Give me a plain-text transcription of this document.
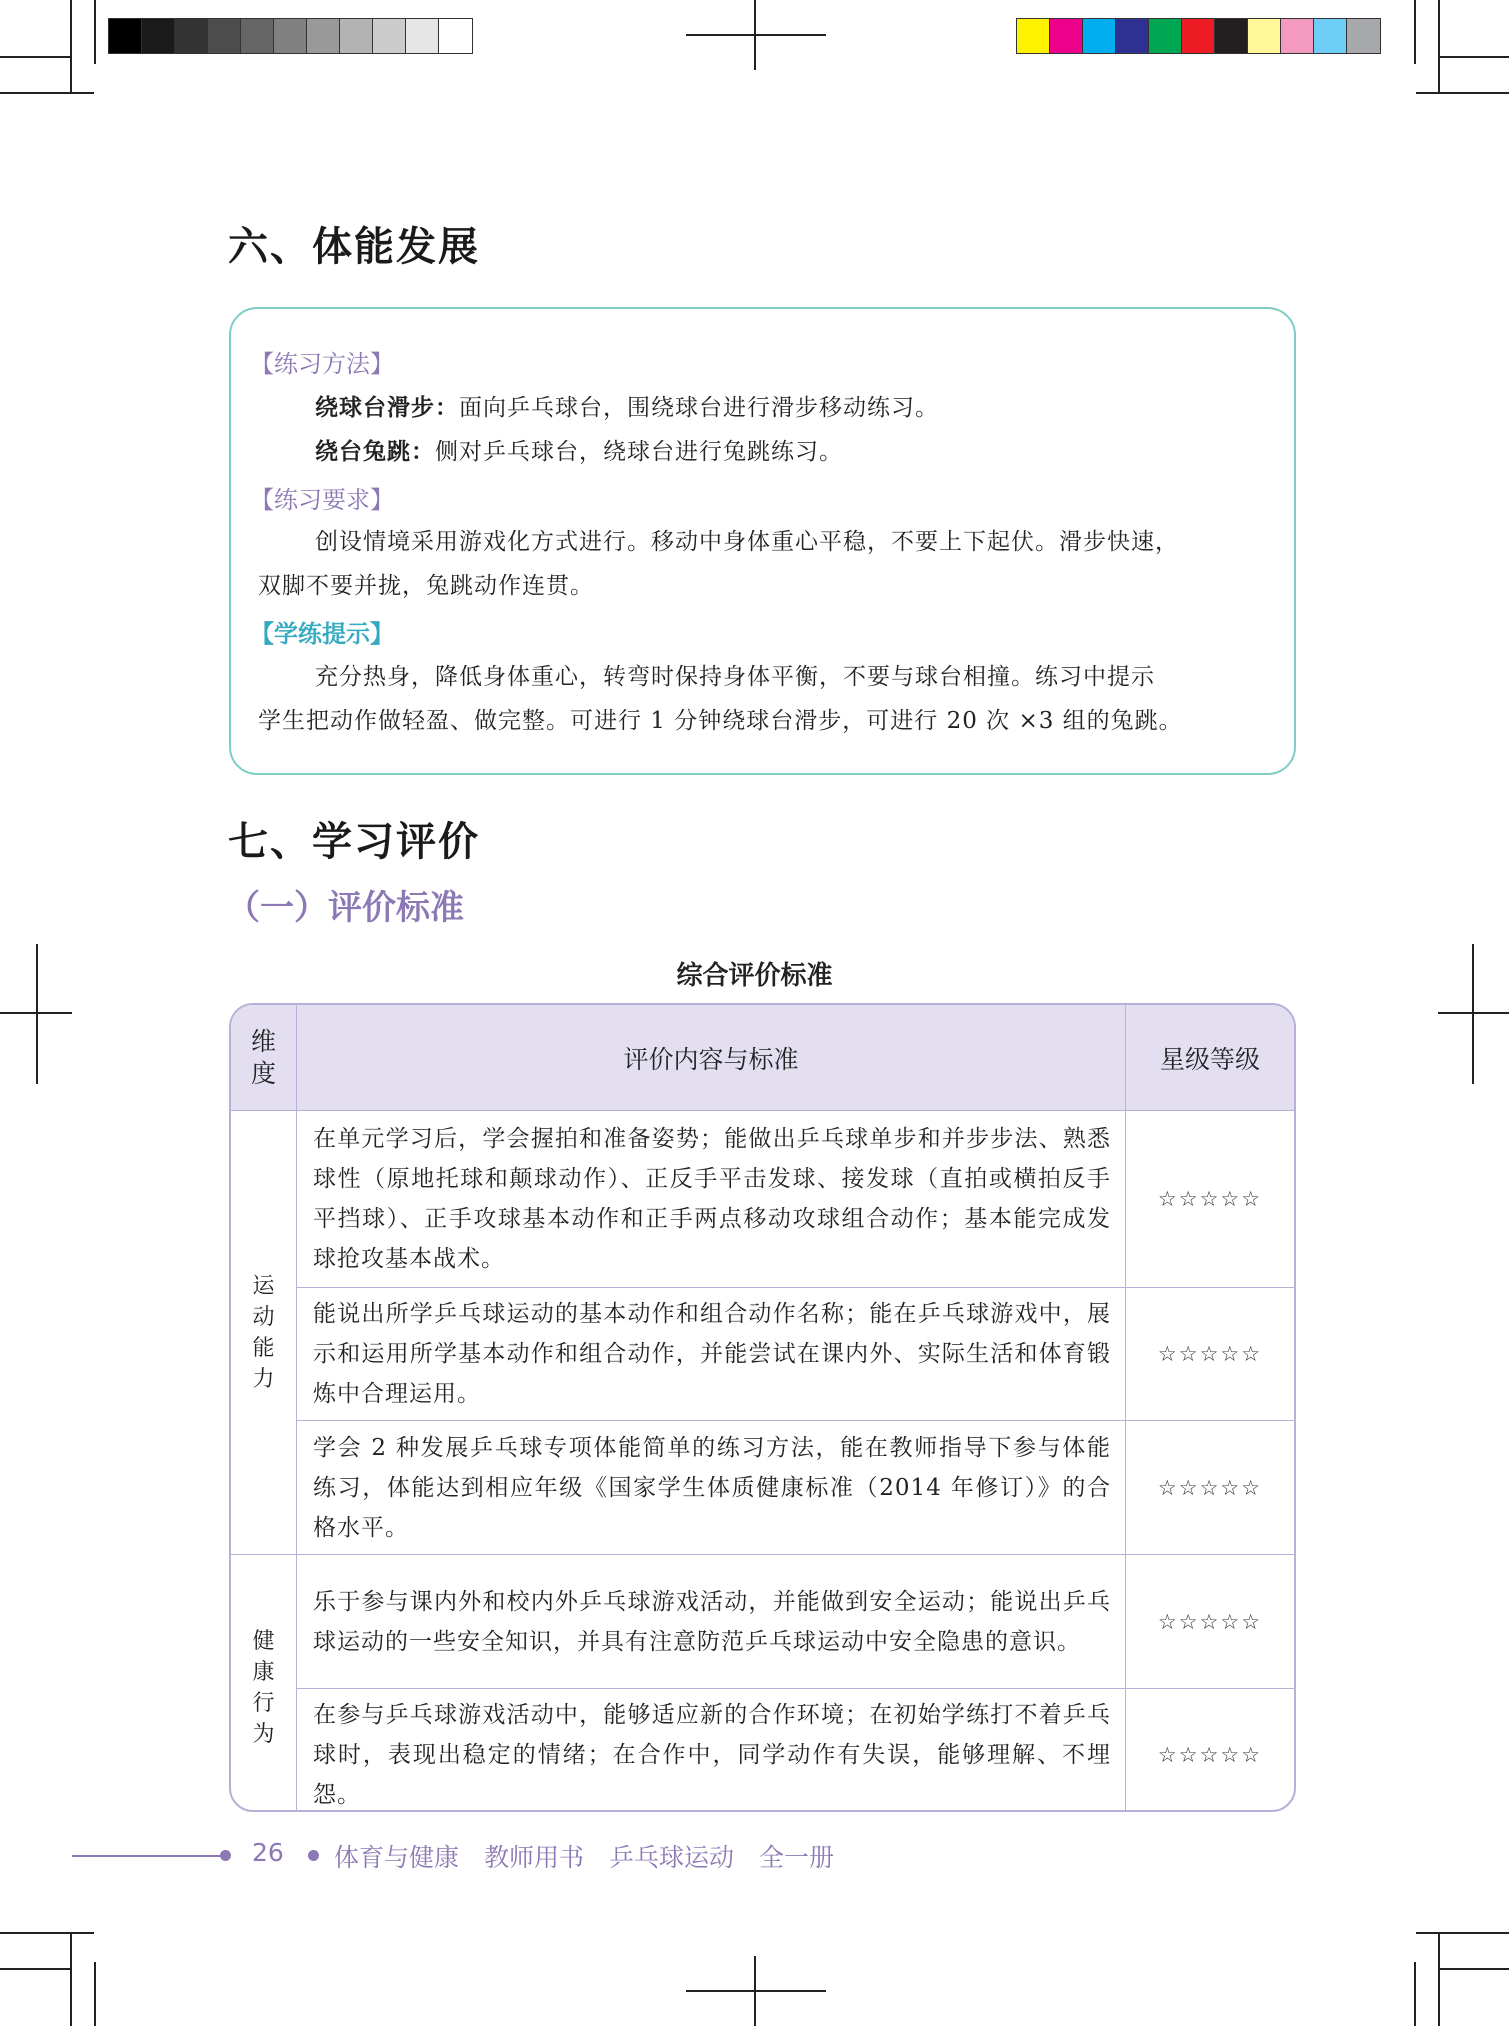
六、体能发展
【练习方法】
绕球台滑步：面向乒乓球台，围绕球台进行滑步移动练习。
绕台兔跳：侧对乒乓球台，绕球台进行兔跳练习。
【练习要求】
创设情境采用游戏化方式进行。移动中身体重心平稳，不要上下起伏。滑步快速，
双脚不要并拢，兔跳动作连贯。
【学练提示】
充分热身，降低身体重心，转弯时保持身体平衡，不要与球台相撞。练习中提示
学生把动作做轻盈、做完整。可进行 1 分钟绕球台滑步，可进行 20 次 ×3 组的兔跳。
七、学习评价
（一）评价标准
综合评价标准
维
度	评价内容与标准	星级等级
运
动
能
力	在单元学习后，学会握拍和准备姿势；能做出乒乓球单步和并步步法、熟悉球性（原地托球和颠球动作）、正反手平击发球、接发球（直拍或横拍反手平挡球）、正手攻球基本动作和正手两点移动攻球组合动作；基本能完成发球抢攻基本战术。	☆☆☆☆☆
	能说出所学乒乓球运动的基本动作和组合动作名称；能在乒乓球游戏中，展示和运用所学基本动作和组合动作，并能尝试在课内外、实际生活和体育锻炼中合理运用。	☆☆☆☆☆
	学会 2 种发展乒乓球专项体能简单的练习方法，能在教师指导下参与体能练习，体能达到相应年级《国家学生体质健康标准（2014 年修订）》的合格水平。	☆☆☆☆☆
健
康
行
为	乐于参与课内外和校内外乒乓球游戏活动，并能做到安全运动；能说出乒乓球运动的一些安全知识，并具有注意防范乒乓球运动中安全隐患的意识。	☆☆☆☆☆
	在参与乒乓球游戏活动中，能够适应新的合作环境；在初始学练打不着乒乓球时，表现出稳定的情绪；在合作中，同学动作有失误，能够理解、不埋怨。	☆☆☆☆☆
26 体育与健康　教师用书　乒乓球运动　全一册
